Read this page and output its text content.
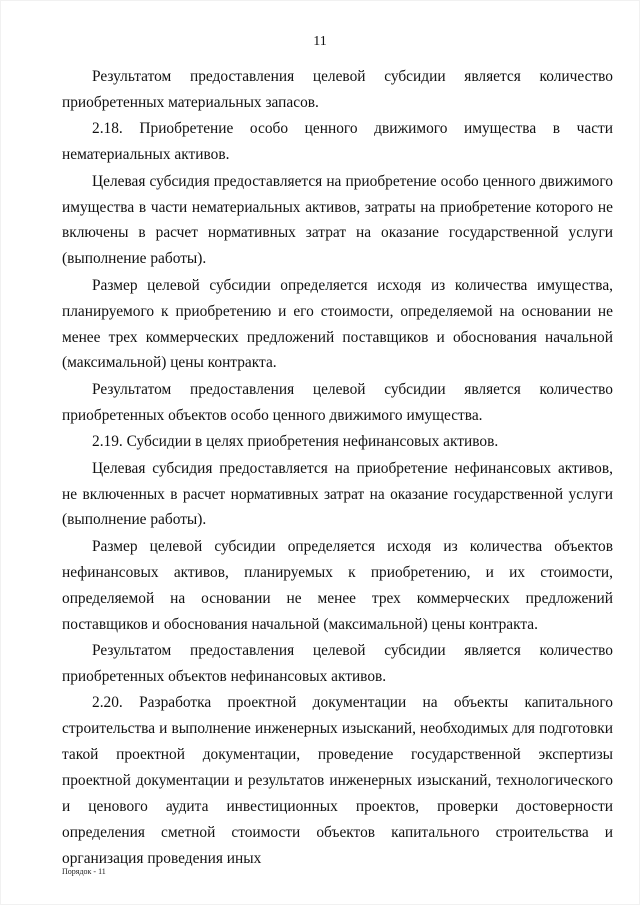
11

Результатом предоставления целевой субсидии является количество приобретенных материальных запасов.

2.18. Приобретение особо ценного движимого имущества в части нематериальных активов.

Целевая субсидия предоставляется на приобретение особо ценного движимого имущества в части нематериальных активов, затраты на приобретение которого не включены в расчет нормативных затрат на оказание государственной услуги (выполнение работы).

Размер целевой субсидии определяется исходя из количества имущества, планируемого к приобретению и его стоимости, определяемой на основании не менее трех коммерческих предложений поставщиков и обоснования начальной (максимальной) цены контракта.

Результатом предоставления целевой субсидии является количество приобретенных объектов особо ценного движимого имущества.

2.19. Субсидии в целях приобретения нефинансовых активов.

Целевая субсидия предоставляется на приобретение нефинансовых активов, не включенных в расчет нормативных затрат на оказание государственной услуги (выполнение работы).

Размер целевой субсидии определяется исходя из количества объектов нефинансовых активов, планируемых к приобретению, и их стоимости, определяемой на основании не менее трех коммерческих предложений поставщиков и обоснования начальной (максимальной) цены контракта.

Результатом предоставления целевой субсидии является количество приобретенных объектов нефинансовых активов.

2.20. Разработка проектной документации на объекты капитального строительства и выполнение инженерных изысканий, необходимых для подготовки такой проектной документации, проведение государственной экспертизы проектной документации и результатов инженерных изысканий, технологического и ценового аудита инвестиционных проектов, проверки достоверности определения сметной стоимости объектов капитального строительства и организация проведения иных

Порядок - 11
